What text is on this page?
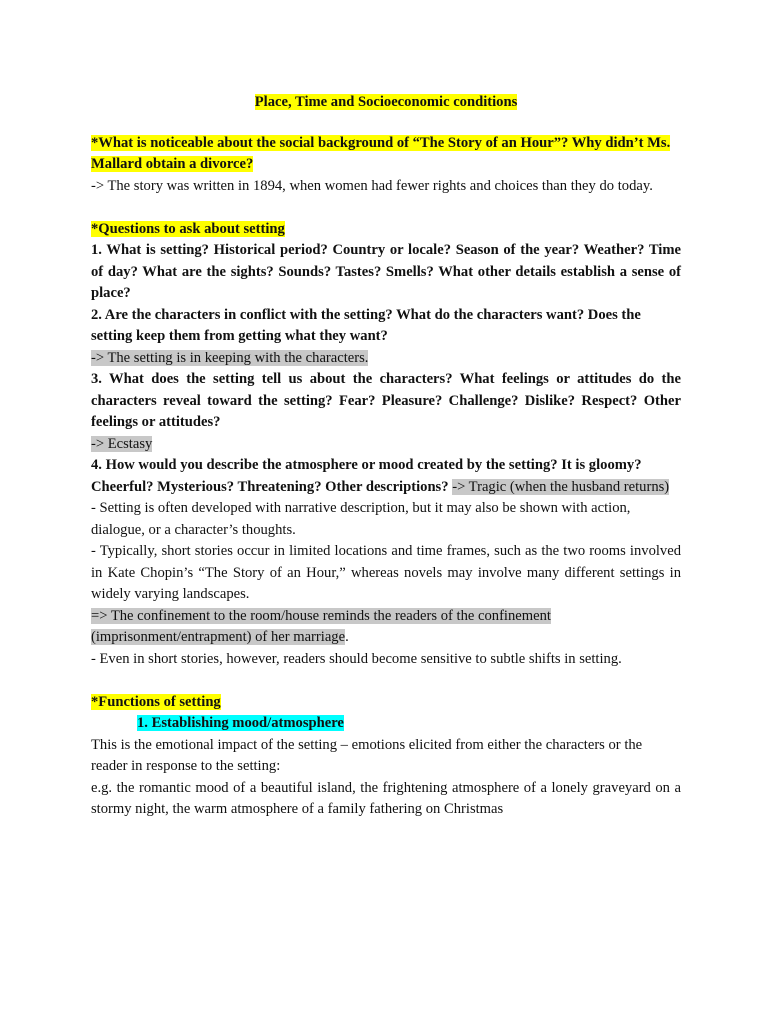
Place, Time and Socioeconomic conditions

*What is noticeable about the social background of “The Story of an Hour”? Why didn’t Ms. Mallard obtain a divorce?

-> The story was written in 1894, when women had fewer rights and choices than they do today.

*Questions to ask about setting

1. What is setting? Historical period? Country or locale? Season of the year? Weather? Time of day? What are the sights? Sounds? Tastes? Smells? What other details establish a sense of place?

2. Are the characters in conflict with the setting? What do the characters want? Does the setting keep them from getting what they want?

-> The setting is in keeping with the characters.

3. What does the setting tell us about the characters? What feelings or attitudes do the characters reveal toward the setting? Fear? Pleasure? Challenge? Dislike? Respect? Other feelings or attitudes?

-> Ecstasy

4. How would you describe the atmosphere or mood created by the setting? It is gloomy? Cheerful? Mysterious? Threatening? Other descriptions? -> Tragic (when the husband returns)

- Setting is often developed with narrative description, but it may also be shown with action, dialogue, or a character’s thoughts.

- Typically, short stories occur in limited locations and time frames, such as the two rooms involved in Kate Chopin’s “The Story of an Hour,” whereas novels may involve many different settings in widely varying landscapes.

=> The confinement to the room/house reminds the readers of the confinement (imprisonment/entrapment) of her marriage.

- Even in short stories, however, readers should become sensitive to subtle shifts in setting.

*Functions of setting

1. Establishing mood/atmosphere

This is the emotional impact of the setting – emotions elicited from either the characters or the reader in response to the setting:

e.g. the romantic mood of a beautiful island, the frightening atmosphere of a lonely graveyard on a stormy night, the warm atmosphere of a family fathering on Christmas
